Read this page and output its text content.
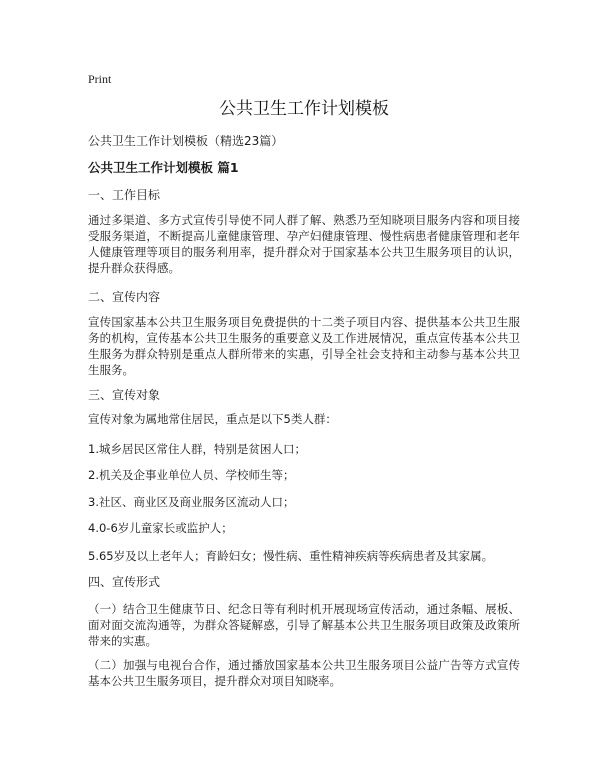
Print
公共卫生工作计划模板
公共卫生工作计划模板（精选23篇）
公共卫生工作计划模板 篇1
一、工作目标

通过多渠道、多方式宣传引导使不同人群了解、熟悉乃至知晓项目服务内容和项目接受服务渠道，不断提高儿童健康管理、孕产妇健康管理、慢性病患者健康管理和老年人健康管理等项目的服务利用率，提升群众对于国家基本公共卫生服务项目的认识，提升群众获得感。

二、宣传内容

宣传国家基本公共卫生服务项目免费提供的十二类子项目内容、提供基本公共卫生服务的机构，宣传基本公共卫生服务的重要意义及工作进展情况，重点宣传基本公共卫生服务为群众特别是重点人群所带来的实惠，引导全社会支持和主动参与基本公共卫生服务。

三、宣传对象

宣传对象为属地常住居民，重点是以下5类人群：

1.城乡居民区常住人群，特别是贫困人口；

2.机关及企事业单位人员、学校师生等；

3.社区、商业区及商业服务区流动人口；

4.0-6岁儿童家长或监护人；

5.65岁及以上老年人；育龄妇女；慢性病、重性精神疾病等疾病患者及其家属。

四、宣传形式

（一）结合卫生健康节日、纪念日等有利时机开展现场宣传活动，通过条幅、展板、面对面交流沟通等，为群众答疑解惑，引导了解基本公共卫生服务项目政策及政策所带来的实惠。

（二）加强与电视台合作，通过播放国家基本公共卫生服务项目公益广告等方式宣传基本公共卫生服务项目，提升群众对项目知晓率。
